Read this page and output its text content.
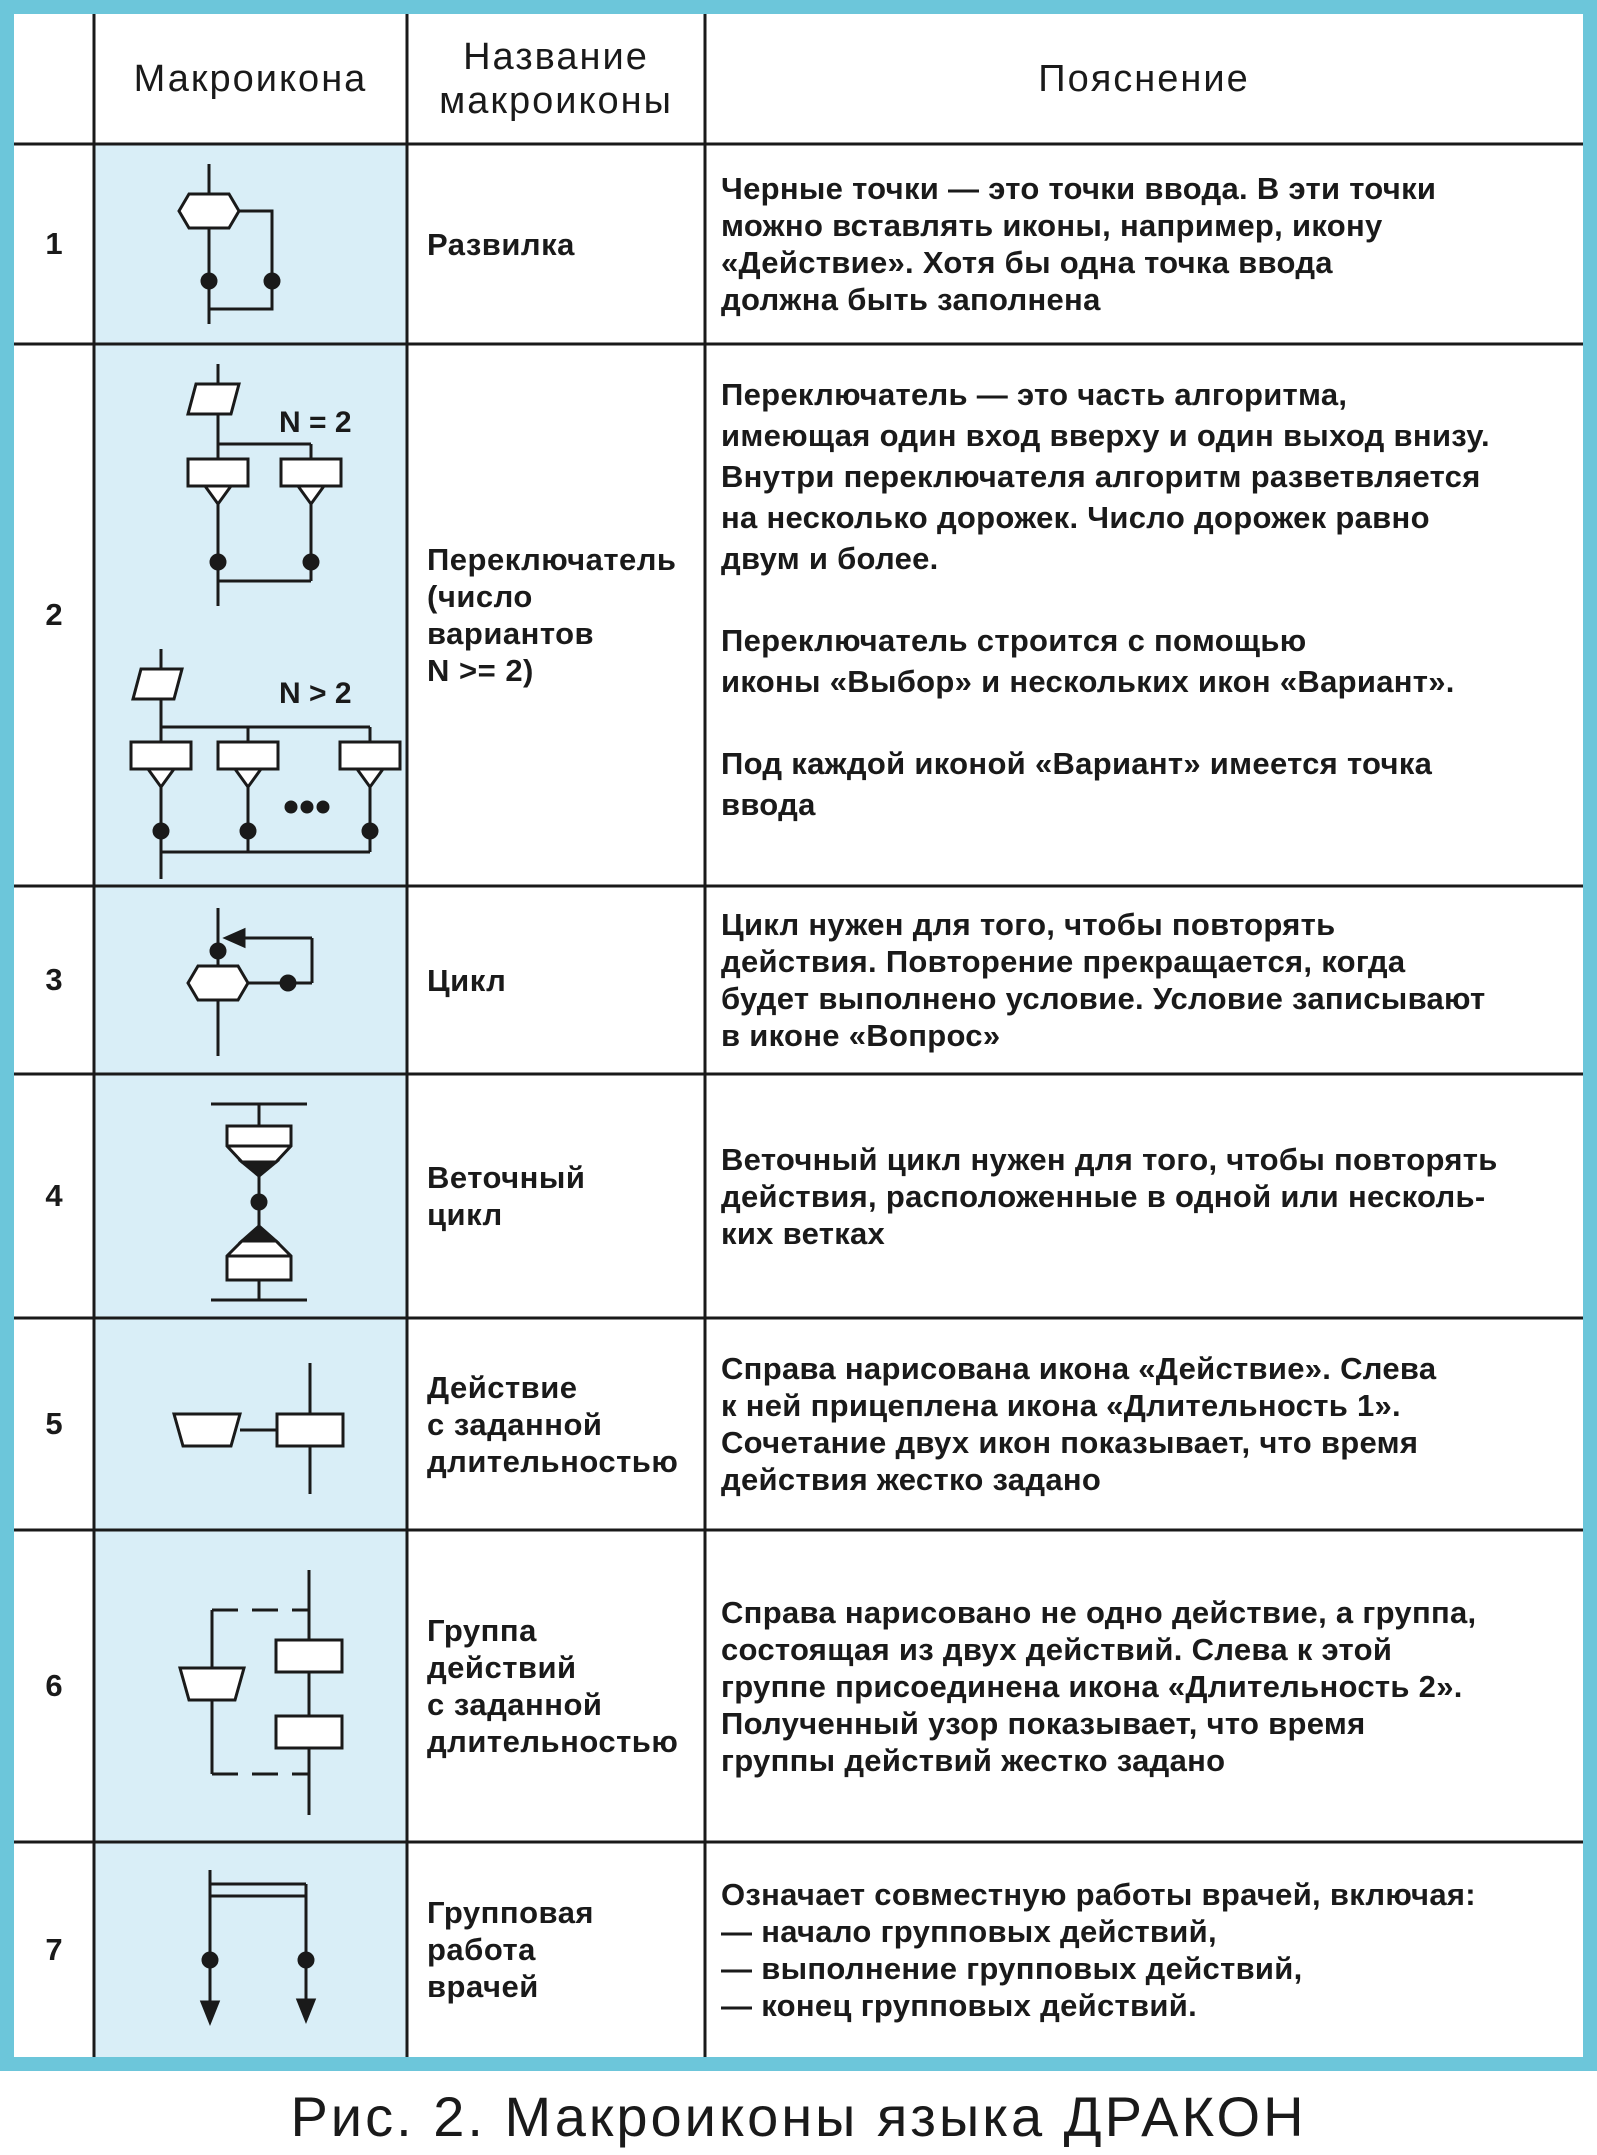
Макроикона
Название
макроиконы
Пояснение
1	Развилка
Черные точки — это точки ввода. В эти точки
можно вставлять иконы, например, икону
«Действие». Хотя бы одна точка ввода
должна быть заполнена
2
N = 2
N > 2
Переключатель
(число
вариантов
N >= 2)
Переключатель — это часть алгоритма,
имеющая один вход вверху и один выход внизу.
Внутри переключателя алгоритм разветвляется
на несколько дорожек. Число дорожек равно
двум и более.

Переключатель строится с помощью
иконы «Выбор» и нескольких икон «Вариант».

Под каждой иконой «Вариант» имеется точка
ввода
3	Цикл
Цикл нужен для того, чтобы повторять
действия. Повторение прекращается, когда
будет выполнено условие. Условие записывают
в иконе «Вопрос»
4
Веточный
цикл
Веточный цикл нужен для того, чтобы повторять
действия, расположенные в одной или несколь-
ких ветках
5
Действие
с заданной
длительностью
Справа нарисована икона «Действие». Слева
к ней прицеплена икона «Длительность 1».
Сочетание двух икон показывает, что время
действия жестко задано
6
Группа
действий
с заданной
длительностью
Справа нарисовано не одно действие, а группа,
состоящая из двух действий. Слева к этой
группе присоединена икона «Длительность 2».
Полученный узор показывает, что время
группы действий жестко задано
7
Групповая
работа
врачей
Означает совместную работы врачей, включая:
— начало групповых действий,
— выполнение групповых действий,
— конец групповых действий.
Рис. 2. Макроиконы языка ДРАКОН
